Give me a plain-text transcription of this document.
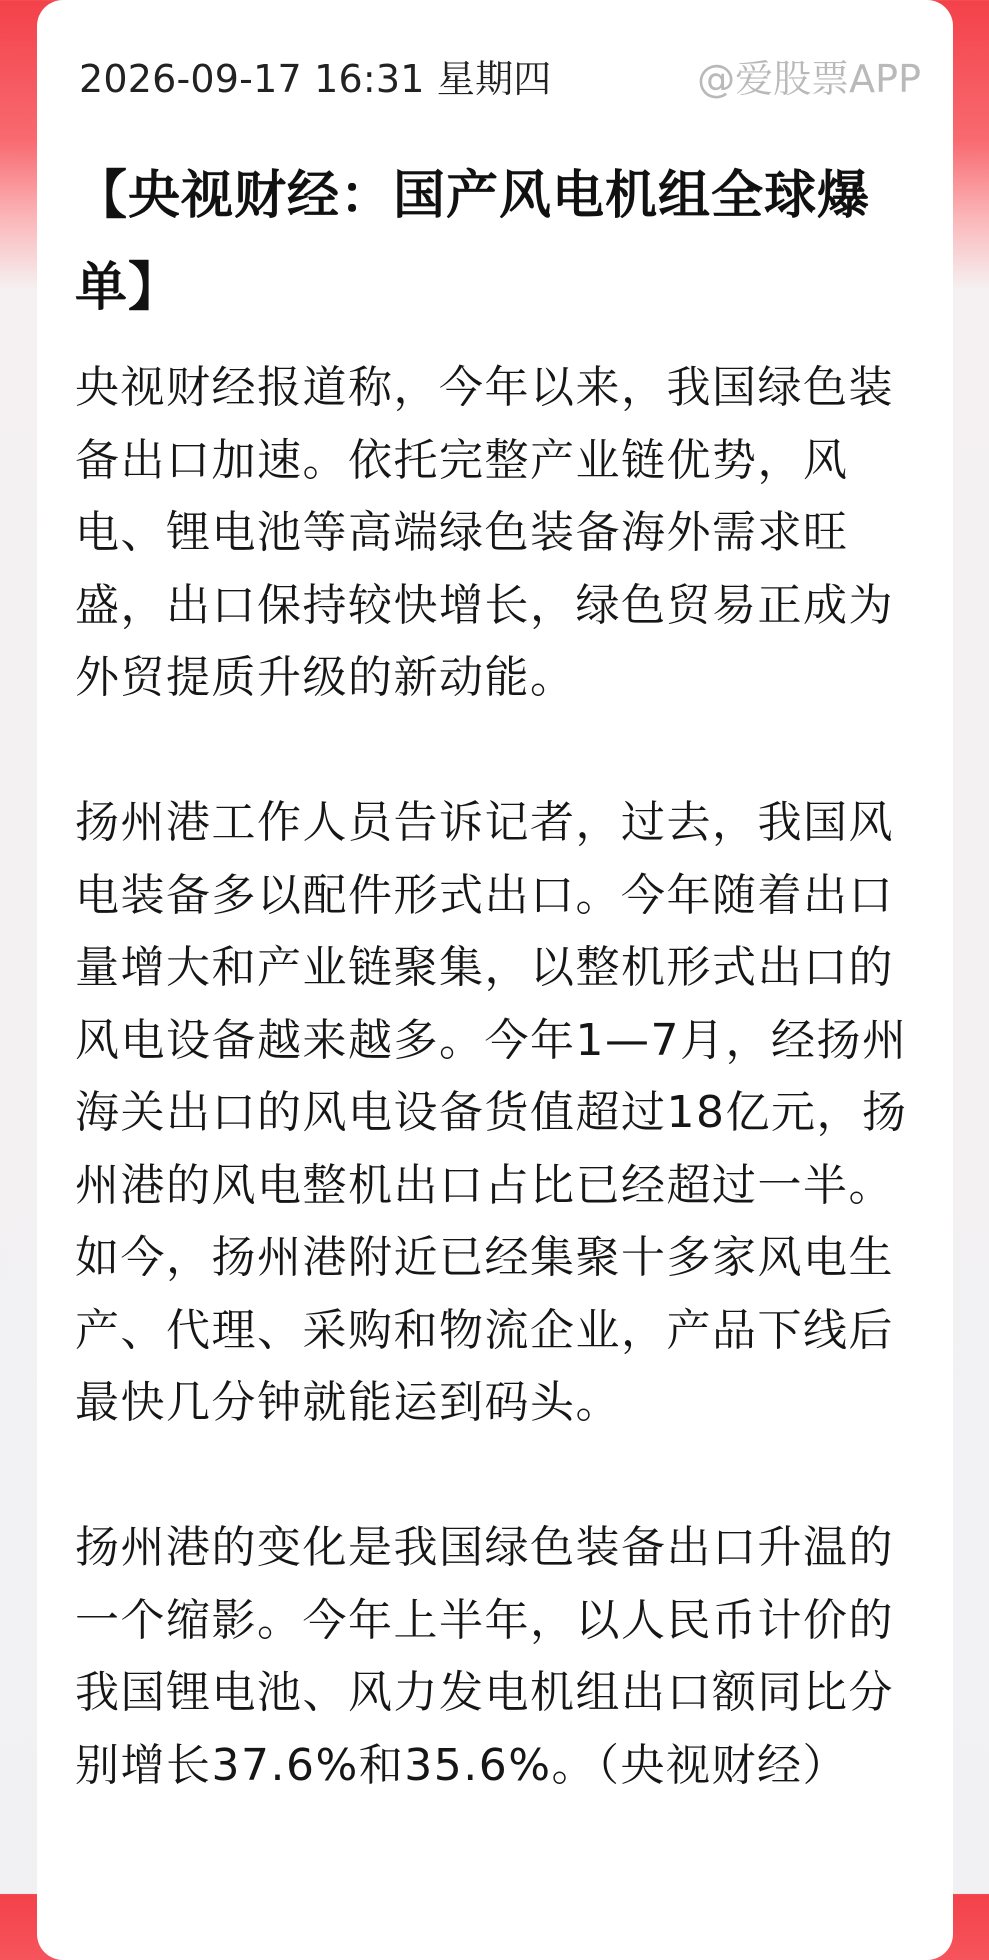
2026-09-17 16:31 星期四	@爱股票APP
【央视财经：国产风电机组全球爆单】

央视财经报道称，今年以来，我国绿色装备出口加速。依托完整产业链优势，风电、锂电池等高端绿色装备海外需求旺盛，出口保持较快增长，绿色贸易正成为外贸提质升级的新动能。

扬州港工作人员告诉记者，过去，我国风电装备多以配件形式出口。今年随着出口量增大和产业链聚集，以整机形式出口的风电设备越来越多。今年1—7月，经扬州海关出口的风电设备货值超过18亿元，扬州港的风电整机出口占比已经超过一半。如今，扬州港附近已经集聚十多家风电生产、代理、采购和物流企业，产品下线后最快几分钟就能运到码头。

扬州港的变化是我国绿色装备出口升温的一个缩影。今年上半年，以人民币计价的我国锂电池、风力发电机组出口额同比分别增长37.6%和35.6%。（央视财经）
